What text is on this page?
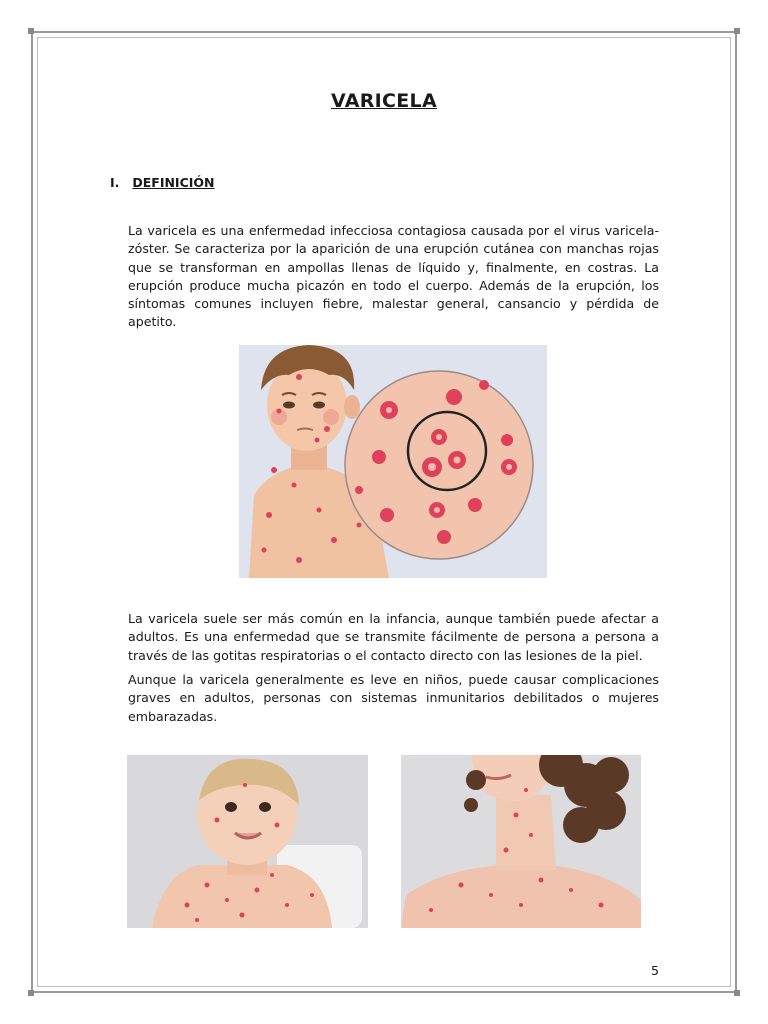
VARICELA
I. DEFINICIÓN

La varicela es una enfermedad infecciosa contagiosa causada por el virus varicela-zóster. Se caracteriza por la aparición de una erupción cutánea con manchas rojas que se transforman en ampollas llenas de líquido y, finalmente, en costras. La erupción produce mucha picazón en todo el cuerpo. Además de la erupción, los síntomas comunes incluyen fiebre, malestar general, cansancio y pérdida de apetito.

La varicela suele ser más común en la infancia, aunque también puede afectar a adultos. Es una enfermedad que se transmite fácilmente de persona a persona a través de las gotitas respiratorias o el contacto directo con las lesiones de la piel.

Aunque la varicela generalmente es leve en niños, puede causar complicaciones graves en adultos, personas con sistemas inmunitarios debilitados o mujeres embarazadas.

5
